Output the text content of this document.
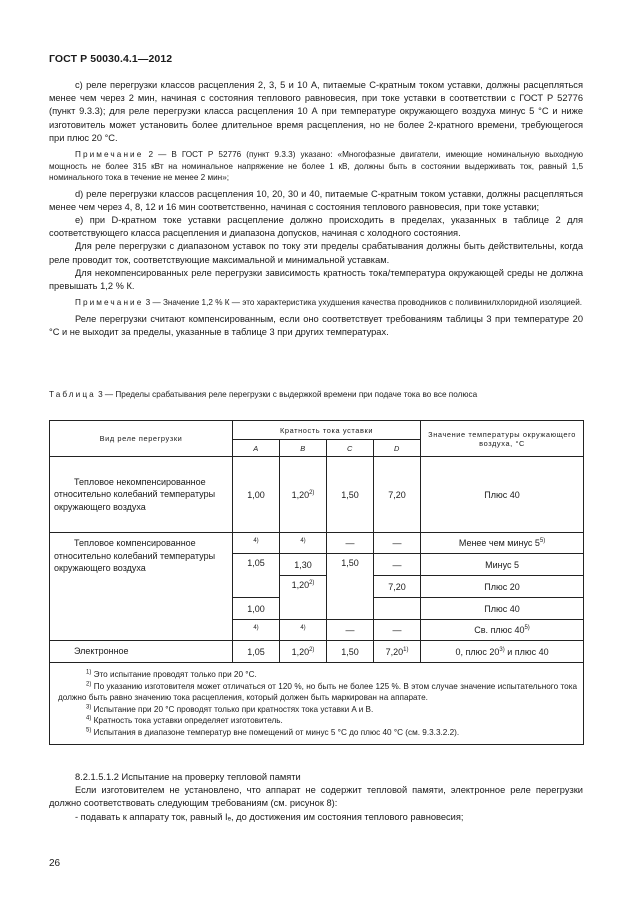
ГОСТ Р 50030.4.1—2012

с) реле перегрузки классов расцепления 2, 3, 5 и 10 А, питаемые C-кратным током уставки, должны расцепляться менее чем через 2 мин, начиная с состояния теплового равновесия, при токе уставки в соответствии с ГОСТ Р 52776 (пункт 9.3.3); для реле перегрузки класса расцепления 10 А при температуре окружающего воздуха минус 5 °С и ниже изготовитель может установить более длительное время расцепления, но не более 2-кратного времени, требующегося при плюс 20 °С.

Примечание 2 — В ГОСТ Р 52776 (пункт 9.3.3) указано: «Многофазные двигатели, имеющие номинальную выходную мощность не более 315 кВт на номинальное напряжение не более 1 кВ, должны быть в состоянии выдерживать ток, равный 1,5 номинального тока в течение не менее 2 мин»;

d) реле перегрузки классов расцепления 10, 20, 30 и 40, питаемые C-кратным током уставки, должны расцепляться менее чем через 4, 8, 12 и 16 мин соответственно, начиная с состояния теплового равновесия, при токе уставки;

е) при D-кратном токе уставки расцепление должно происходить в пределах, указанных в таблице 2 для соответствующего класса расцепления и диапазона допусков, начиная с холодного состояния.

Для реле перегрузки с диапазоном уставок по току эти пределы срабатывания должны быть действительны, когда реле проводит ток, соответствующие максимальной и минимальной уставкам.

Для некомпенсированных реле перегрузки зависимость кратность тока/температура окружающей среды не должна превышать 1,2 % К.

Примечание 3 — Значение 1,2 % К — это характеристика ухудшения качества проводников с поливинилхлоридной изоляцией.

Реле перегрузки считают компенсированным, если оно соответствует требованиям таблицы 3 при температуре 20 °С и не выходит за пределы, указанные в таблице 3 при других температурах.

Таблица 3 — Пределы срабатывания реле перегрузки с выдержкой времени при подаче тока во все полюса
Вид реле перегрузки	Кратность тока уставки				Значение температуры окружающего воздуха, °С
	A	B	C	D	
Тепловое некомпенсированное относительно колебаний температуры окружающего воздуха	1,00	1,20$^{2)}$	1,50	7,20	Плюс 40
Тепловое компенсированное относительно колебаний температуры окружающего воздуха	$^{4)}$	$^{4)}$	—	—	Менее чем минус 5$^{5)}$
	1,05	1,30	1,50	—	Минус 5
		1,20$^{2)}$		7,20	Плюс 20
	1,00				Плюс 40
	$^{4)}$	$^{4)}$	—	—	Св. плюс 40$^{5)}$
Электронное	1,05	1,20$^{2)}$	1,50	7,20$^{1)}$	0, плюс 20$^{3)}$ и плюс 40

$^{1)}$ Это испытание проводят только при 20 °С.

$^{2)}$ По указанию изготовителя может отличаться от 120 %, но быть не более 125 %. В этом случае значение испытательного тока должно быть равно значению тока расцепления, который должен быть маркирован на аппарате.

$^{3)}$ Испытание при 20 °С проводят только при кратностях тока уставки A и B.

$^{4)}$ Кратность тока уставки определяет изготовитель.

$^{5)}$ Испытания в диапазоне температур вне помещений от минус 5 °С до плюс 40 °С (см. 9.3.3.2.2).					

8.2.1.5.1.2 Испытание на проверку тепловой памяти

Если изготовителем не установлено, что аппарат не содержит тепловой памяти, электронное реле перегрузки должно соответствовать следующим требованиям (см. рисунок 8):

- подавать к аппарату ток, равный Iₑ, до достижения им состояния теплового равновесия;

26
